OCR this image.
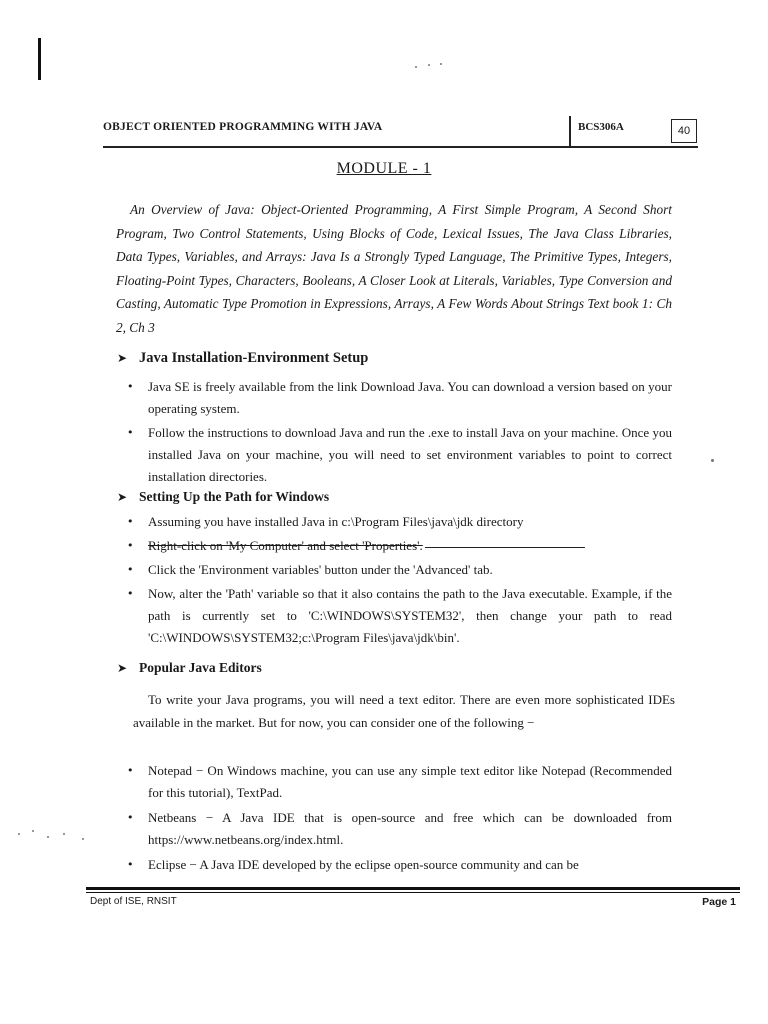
OBJECT ORIENTED PROGRAMMING WITH JAVA	BCS306A	40
MODULE - 1
An Overview of Java: Object-Oriented Programming, A First Simple Program, A Second Short Program, Two Control Statements, Using Blocks of Code, Lexical Issues, The Java Class Libraries, Data Types, Variables, and Arrays: Java Is a Strongly Typed Language, The Primitive Types, Integers, Floating-Point Types, Characters, Booleans, A Closer Look at Literals, Variables, Type Conversion and Casting, Automatic Type Promotion in Expressions, Arrays, A Few Words About Strings Text book 1: Ch 2, Ch 3
➤ Java Installation-Environment Setup
• Java SE is freely available from the link Download Java. You can download a version based on your operating system.
• Follow the instructions to download Java and run the .exe to install Java on your machine. Once you installed Java on your machine, you will need to set environment variables to point to correct installation directories.
➤ Setting Up the Path for Windows
• Assuming you have installed Java in c:\Program Files\java\jdk directory
• Right-click on 'My Computer' and select 'Properties'.
• Click the 'Environment variables' button under the 'Advanced' tab.
• Now, alter the 'Path' variable so that it also contains the path to the Java executable. Example, if the path is currently set to 'C:\WINDOWS\SYSTEM32', then change your path to read 'C:\WINDOWS\SYSTEM32;c:\Program Files\java\jdk\bin'.
➤ Popular Java Editors
To write your Java programs, you will need a text editor. There are even more sophisticated IDEs available in the market. But for now, you can consider one of the following −
• Notepad − On Windows machine, you can use any simple text editor like Notepad (Recommended for this tutorial), TextPad.
• Netbeans − A Java IDE that is open-source and free which can be downloaded from https://www.netbeans.org/index.html.
• Eclipse − A Java IDE developed by the eclipse open-source community and can be
Dept of ISE, RNSIT	Page 1
